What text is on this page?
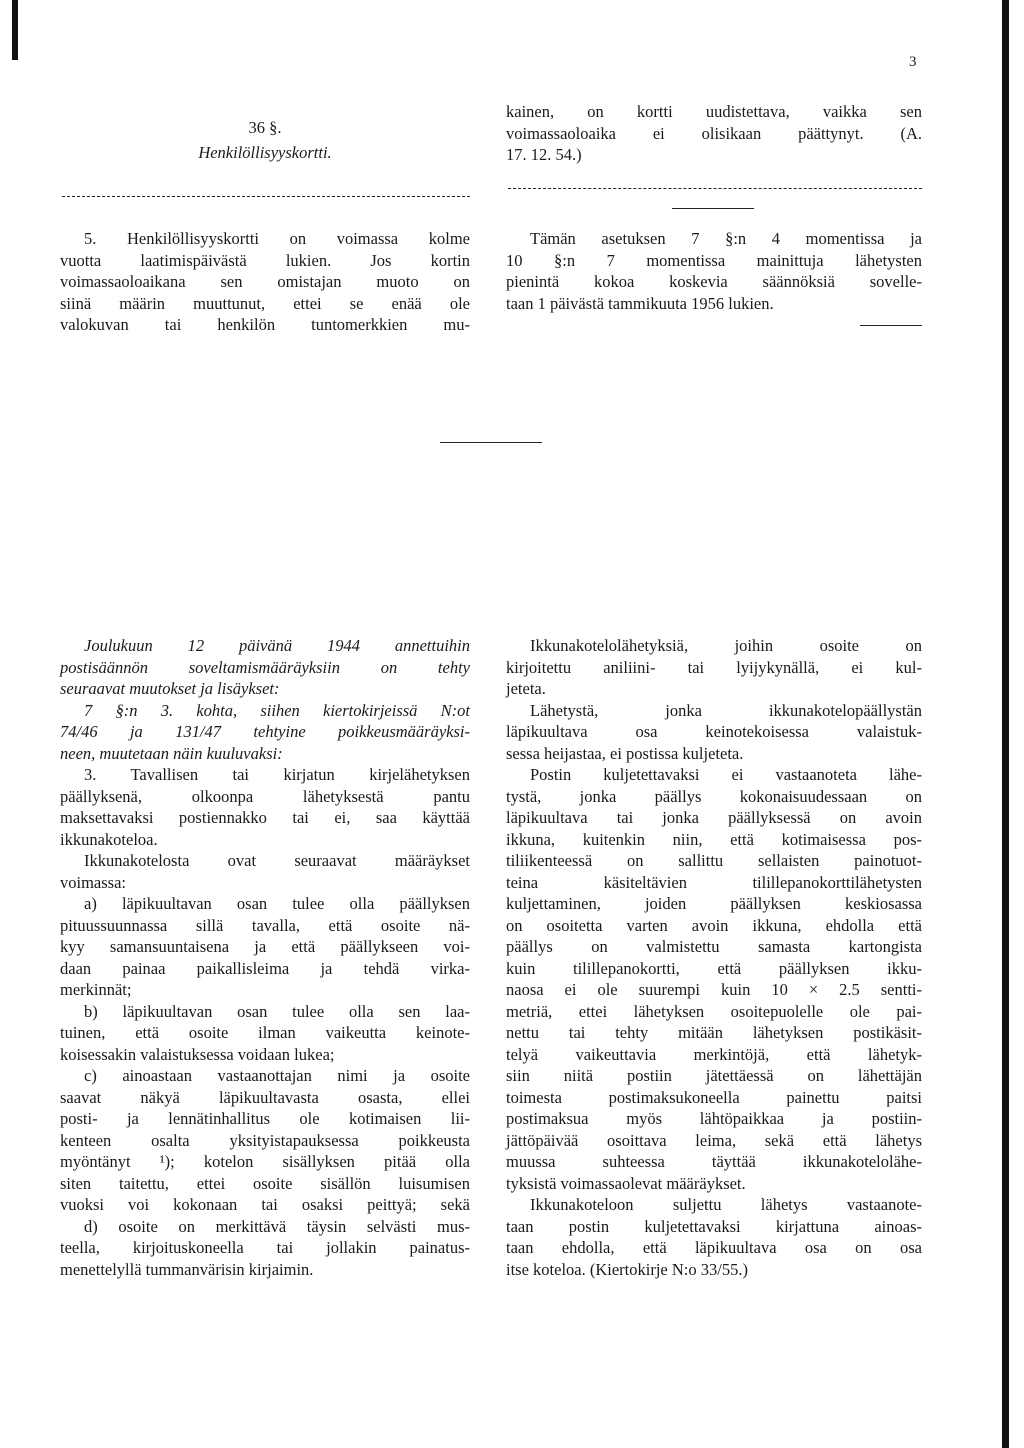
3
36 §.
Henkilöllisyyskortti.
5. Henkilöllisyyskortti on voimassa kolme
vuotta laatimispäivästä lukien. Jos kortin
voimassaoloaikana sen omistajan muoto on
siinä määrin muuttunut, ettei se enää ole
valokuvan tai henkilön tuntomerkkien mu-
kainen, on kortti uudistettava, vaikka sen
voimassaoloaika ei olisikaan päättynyt. (A.
17. 12. 54.)
Tämän asetuksen 7 §:n 4 momentissa ja
10 §:n 7 momentissa mainittuja lähetysten
pienintä kokoa koskevia säännöksiä sovelle-
taan 1 päivästä tammikuuta 1956 lukien.
Joulukuun 12 päivänä 1944 annettuihin
postisäännön soveltamismääräyksiin on tehty
seuraavat muutokset ja lisäykset:
7 §:n 3. kohta, siihen kiertokirjeissä N:ot
74/46 ja 131/47 tehtyine poikkeusmääräyksi-
neen, muutetaan näin kuuluvaksi:
3. Tavallisen tai kirjatun kirjelähetyksen
päällyksenä, olkoonpa lähetyksestä pantu
maksettavaksi postiennakko tai ei, saa käyttää
ikkunakoteloa.
Ikkunakotelosta ovat seuraavat määräykset
voimassa:
a) läpikuultavan osan tulee olla päällyksen
pituussuunnassa sillä tavalla, että osoite nä-
kyy samansuuntaisena ja että päällykseen voi-
daan painaa paikallisleima ja tehdä virka-
merkinnät;
b) läpikuultavan osan tulee olla sen laa-
tuinen, että osoite ilman vaikeutta keinote-
koisessakin valaistuksessa voidaan lukea;
c) ainoastaan vastaanottajan nimi ja osoite
saavat näkyä läpikuultavasta osasta, ellei
posti- ja lennätinhallitus ole kotimaisen lii-
kenteen osalta yksityistapauksessa poikkeusta
myöntänyt ¹); kotelon sisällyksen pitää olla
siten taitettu, ettei osoite sisällön luisumisen
vuoksi voi kokonaan tai osaksi peittyä; sekä
d) osoite on merkittävä täysin selvästi mus-
teella, kirjoituskoneella tai jollakin painatus-
menettelyllä tummanvärisin kirjaimin.
Ikkunakotelolähetyksiä, joihin osoite on
kirjoitettu aniliini- tai lyijykynällä, ei kul-
jeteta.
Lähetystä, jonka ikkunakotelopäällystän
läpikuultava osa keinotekoisessa valaistuk-
sessa heijastaa, ei postissa kuljeteta.
Postin kuljetettavaksi ei vastaanoteta lähe-
tystä, jonka päällys kokonaisuudessaan on
läpikuultava tai jonka päällyksessä on avoin
ikkuna, kuitenkin niin, että kotimaisessa pos-
tiliikenteessä on sallittu sellaisten painotuot-
teina käsiteltävien tilillepanokorttilähetysten
kuljettaminen, joiden päällyksen keskiosassa
on osoitetta varten avoin ikkuna, ehdolla että
päällys on valmistettu samasta kartongista
kuin tilillepanokortti, että päällyksen ikku-
naosa ei ole suurempi kuin 10 × 2.5 sentti-
metriä, ettei lähetyksen osoitepuolelle ole pai-
nettu tai tehty mitään lähetyksen postikäsit-
telyä vaikeuttavia merkintöjä, että lähetyk-
siin niitä postiin jätettäessä on lähettäjän
toimesta postimaksukoneella painettu paitsi
postimaksua myös lähtöpaikkaa ja postiin-
jättöpäivää osoittava leima, sekä että lähetys
muussa suhteessa täyttää ikkunakotelolähe-
tyksistä voimassaolevat määräykset.
Ikkunakoteloon suljettu lähetys vastaanote-
taan postin kuljetettavaksi kirjattuna ainoas-
taan ehdolla, että läpikuultava osa on osa
itse koteloa. (Kiertokirje N:o 33/55.)
